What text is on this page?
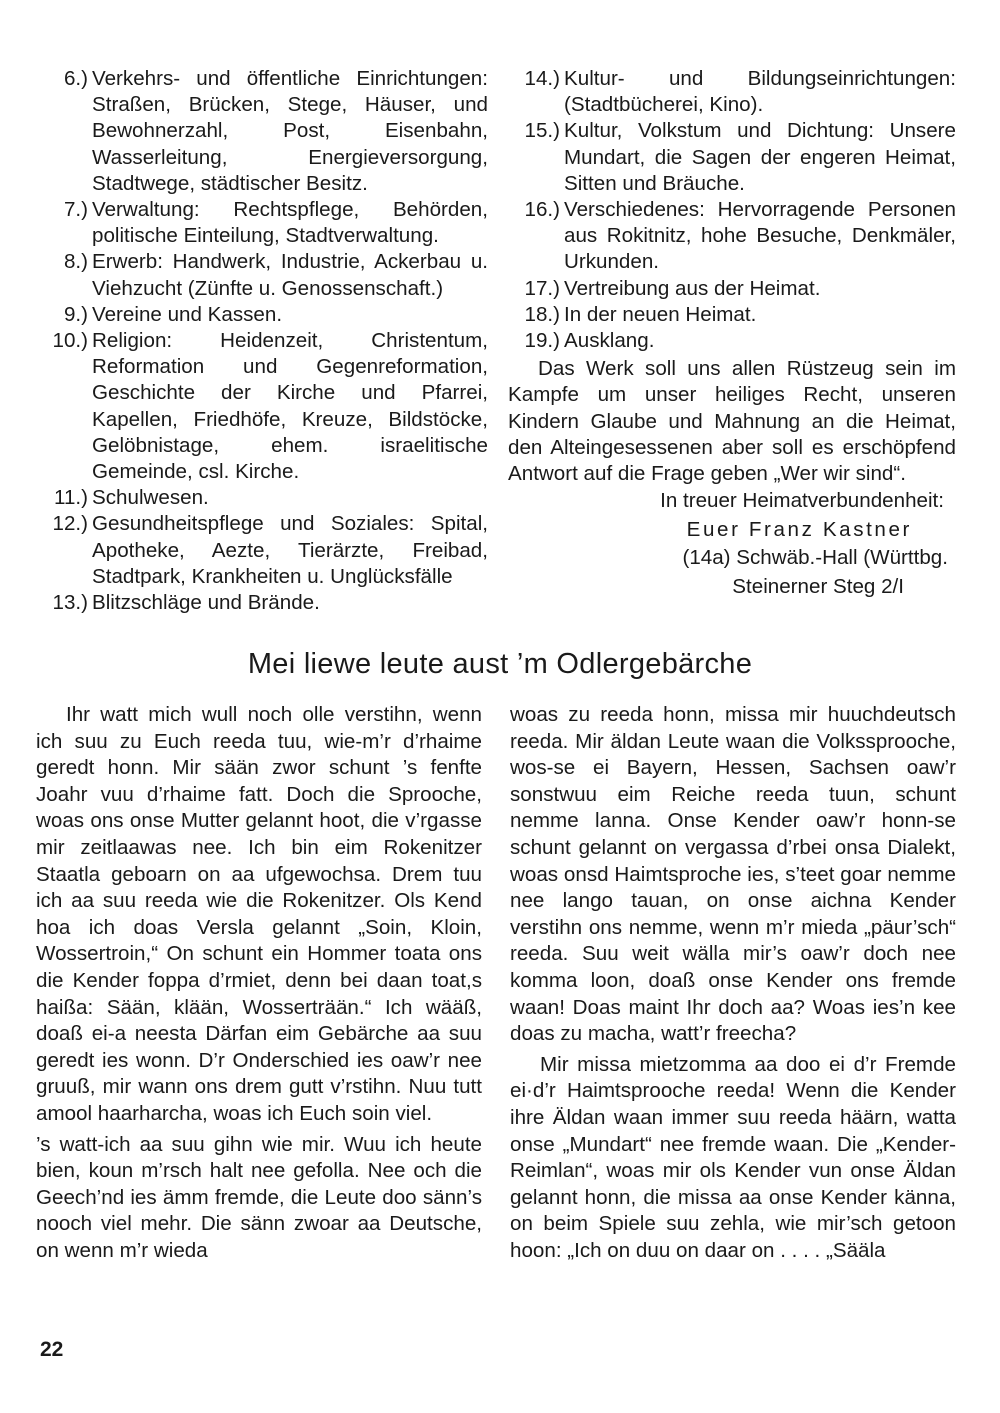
6.) Verkehrs- und öffentliche Einrichtungen: Straßen, Brücken, Stege, Häuser, und Bewohnerzahl, Post, Eisenbahn, Wasserleitung, Energieversorgung, Stadtwege, städtischer Besitz.
7.) Verwaltung: Rechtspflege, Behörden, politische Einteilung, Stadtverwaltung.
8.) Erwerb: Handwerk, Industrie, Ackerbau u. Viehzucht (Zünfte u. Genossenschaft.)
9.) Vereine und Kassen.
10.) Religion: Heidenzeit, Christentum, Reformation und Gegenreformation, Geschichte der Kirche und Pfarrei, Kapellen, Friedhöfe, Kreuze, Bildstöcke, Gelöbnistage, ehem. israelitische Gemeinde, csl. Kirche.
11.) Schulwesen.
12.) Gesundheitspflege und Soziales: Spital, Apotheke, Aezte, Tierärzte, Freibad, Stadtpark, Krankheiten u. Unglücksfälle
13.) Blitzschläge und Brände.
14.) Kultur- und Bildungseinrichtungen: (Stadtbücherei, Kino).
15.) Kultur, Volkstum und Dichtung: Unsere Mundart, die Sagen der engeren Heimat, Sitten und Bräuche.
16.) Verschiedenes: Hervorragende Personen aus Rokitnitz, hohe Besuche, Denkmäler, Urkunden.
17.) Vertreibung aus der Heimat.
18.) In der neuen Heimat.
19.) Ausklang.

Das Werk soll uns allen Rüstzeug sein im Kampfe um unser heiliges Recht, unseren Kindern Glaube und Mahnung an die Heimat, den Alteingesessenen aber soll es erschöpfend Antwort auf die Frage geben „Wer wir sind“.

In treuer Heimatverbundenheit:
Euer Franz Kastner
(14a) Schwäb.-Hall (Württbg.
Steinerner Steg 2/I
Mei liewe leute aust ’m Odlergebärche

Ihr watt mich wull noch olle verstihn, wenn ich suu zu Euch reeda tuu, wie-m’r d’rhaime geredt honn. Mir sään zwor schunt ’s fenfte Joahr vuu d’rhaime fatt. Doch die Sprooche, woas ons onse Mutter gelannt hoot, die v’rgasse mir zeitlaawas nee. Ich bin eim Rokenitzer Staatla geboarn on aa ufgewochsa. Drem tuu ich aa suu reeda wie die Rokenitzer. Ols Kend hoa ich doas Versla gelannt „Soin, Kloin, Wossertroin,“ On schunt ein Hommer toata ons die Kender foppa d’rmiet, denn bei daan toat,s haißa: Sään, klään, Wosserträän.“ Ich wääß, doaß ei-a neesta Därfan eim Gebärche aa suu geredt ies wonn. D’r Onderschied ies oaw’r nee gruuß, mir wann ons drem gutt v’rstihn. Nuu tutt amool haarharcha, woas ich Euch soin viel.

’s watt-ich aa suu gihn wie mir. Wuu ich heute bien, koun m’rsch halt nee gefolla. Nee och die Geech’nd ies ämm fremde, die Leute doo sänn’s nooch viel mehr. Die sänn zwoar aa Deutsche, on wenn m’r wieda

woas zu reeda honn, missa mir huuchdeutsch reeda. Mir äldan Leute waan die Volkssprooche, wos-se ei Bayern, Hessen, Sachsen oaw’r sonstwuu eim Reiche reeda tuun, schunt nemme lanna. Onse Kender oaw’r honn-se schunt gelannt on vergassa d’rbei onsa Dialekt, woas onsd Haimtsproche ies, s’teet goar nemme nee lango tauan, on onse aichna Kender verstihn ons nemme, wenn m’r mieda „päur’sch“ reeda. Suu weit wälla mir’s oaw’r doch nee komma loon, doaß onse Kender ons fremde waan! Doas maint Ihr doch aa? Woas ies’n kee doas zu macha, watt’r freecha?

Mir missa mietzomma aa doo ei d’r Fremde ei·d’r Haimtsprooche reeda! Wenn die Kender ihre Äldan waan immer suu reeda häärn, watta onse „Mundart“ nee fremde waan. Die „Kender-Reimlan“, woas mir ols Kender vun onse Äldan gelannt honn, die missa aa onse Kender känna, on beim Spiele suu zehla, wie mir’sch getoon hoon: „Ich on duu on daar on . . . . „Sääla

22
